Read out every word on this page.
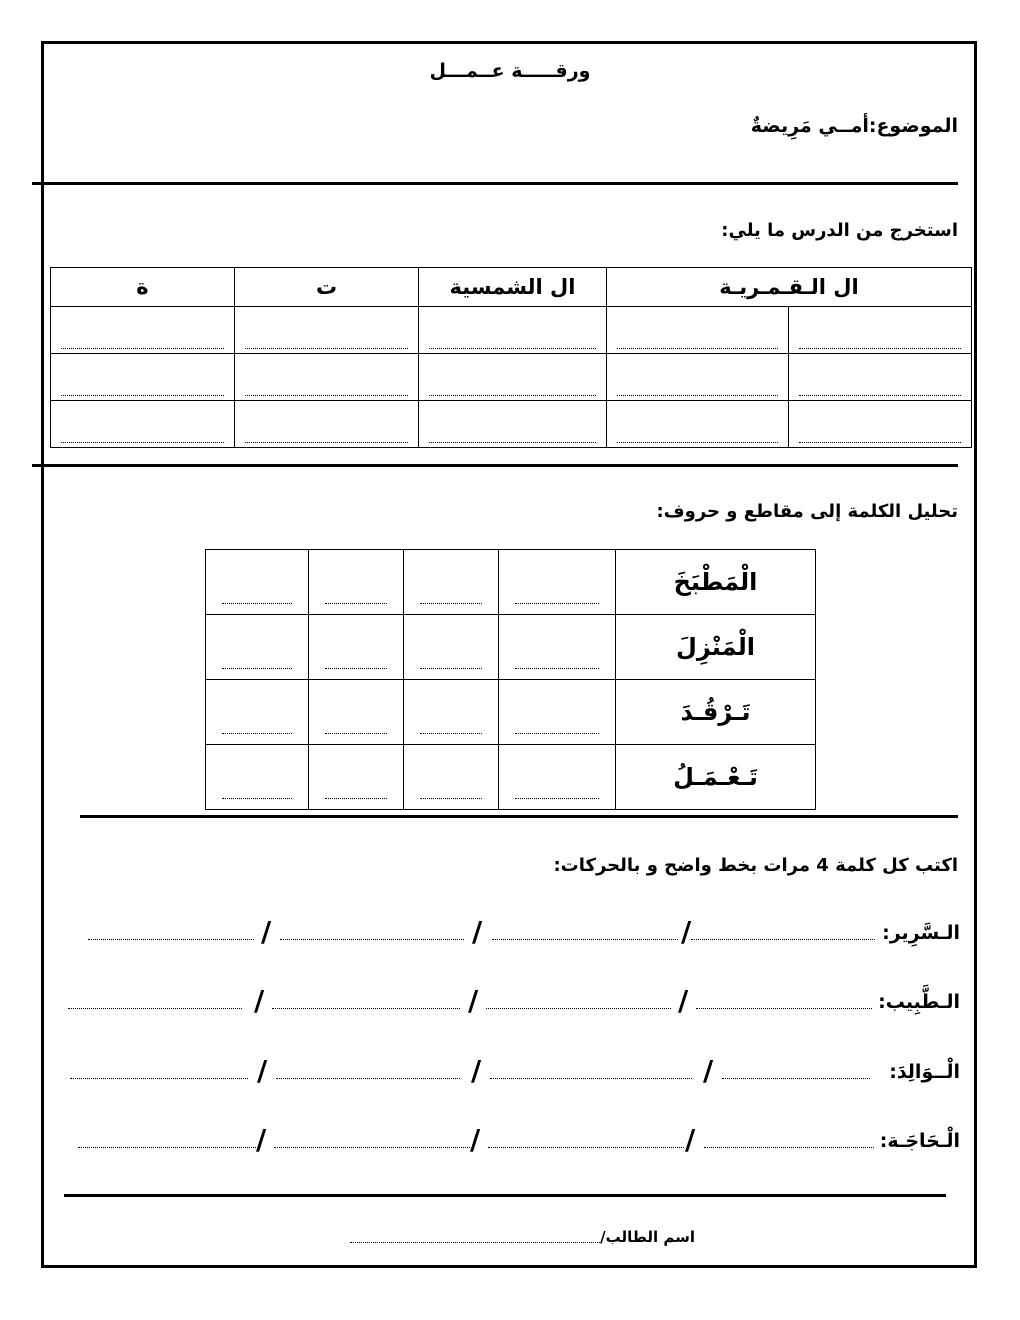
ورقـــــة عــمـــل
الموضوع:أمــي مَرِيضةٌ
استخرج من الدرس ما يلي:
ال الـقـمـريـة		ال الشمسية	ت	ة

تحليل الكلمة إلى مقاطع و حروف:
الْمَطْبَخَ	

الْمَنْزِلَ	

تَـرْقُـدَ	

تَـعْـمَـلُ	

اكتب كل كلمة 4 مرات بخط واضح و بالحركات:
الـسَّرِير:
/
/
/
الـطَّبِيب:
/
/
/
الْــوَالِدَ:
/
/
/
الْـحَاجَـة:
/
/
/
اسم الطالب/
